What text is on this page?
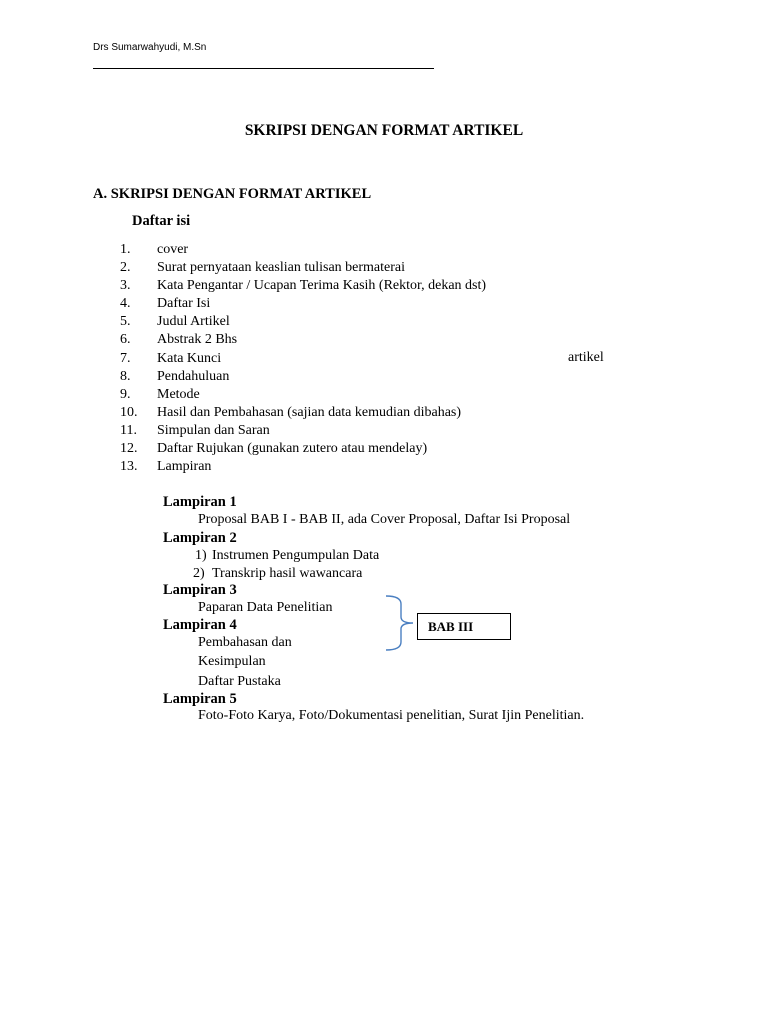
Drs Sumarwahyudi, M.Sn
SKRIPSI DENGAN FORMAT ARTIKEL
A. SKRIPSI DENGAN FORMAT ARTIKEL
Daftar isi
1. cover
2. Surat pernyataan keaslian tulisan bermaterai
3. Kata Pengantar / Ucapan Terima Kasih (Rektor, dekan dst)
4. Daftar Isi
5. Judul Artikel
6. Abstrak 2 Bhs
7. Kata Kunci
8. Pendahuluan
9. Metode
10. Hasil dan Pembahasan (sajian data kemudian dibahas)
11. Simpulan dan Saran
12. Daftar Rujukan (gunakan zutero atau mendelay)
13. Lampiran
artikel
Lampiran 1
Proposal BAB I - BAB II, ada Cover Proposal, Daftar Isi Proposal
Lampiran 2
1) Instrumen Pengumpulan Data
2) Transkrip hasil wawancara
Lampiran 3
Paparan Data Penelitian
Lampiran 4
Pembahasan dan
Kesimpulan
Daftar Pustaka
Lampiran 5
Foto-Foto Karya, Foto/Dokumentasi penelitian, Surat Ijin Penelitian.
BAB III
